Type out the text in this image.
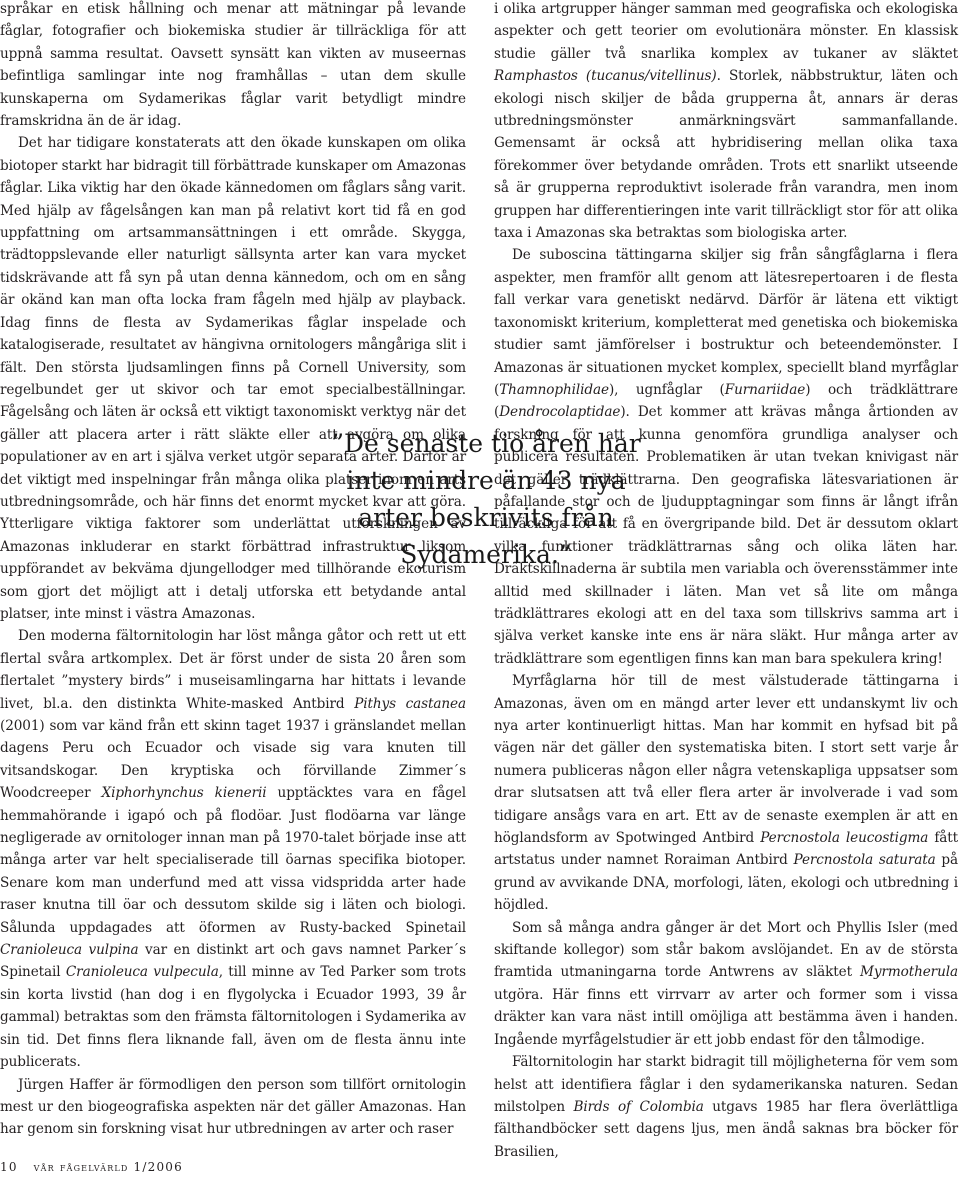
språkar en etisk hållning och menar att mätningar på levande fåglar, fotografier och biokemiska studier är tillräckliga för att uppnå samma resultat. Oavsett synsätt kan vikten av museernas befintliga samlingar inte nog framhållas – utan dem skulle kunskaperna om Sydamerikas fåglar varit betydligt mindre framskridna än de är idag.

Det har tidigare konstaterats att den ökade kunskapen om olika biotoper starkt har bidragit till förbättrade kunskaper om Amazonas fåglar. Lika viktig har den ökade kännedomen om fåglars sång varit. Med hjälp av fågelsången kan man på relativt kort tid få en god uppfattning om artsammansättningen i ett område. Skygga, trädtoppslevande eller naturligt sällsynta arter kan vara mycket tidskrävande att få syn på utan denna kännedom, och om en sång är okänd kan man ofta locka fram fågeln med hjälp av playback. Idag finns de flesta av Sydamerikas fåglar inspelade och katalogiserade, resultatet av hängivna ornitologers mångåriga slit i fält. Den största ljudsamlingen finns på Cornell University, som regelbundet ger ut skivor och tar emot specialbeställningar. Fågelsång och läten är också ett viktigt taxonomiskt verktyg när det gäller att placera arter i rätt släkte eller att avgöra om olika populationer av en art i själva verket utgör separata arter. Därför är det viktigt med inspelningar från många olika platser inom en arts utbredningsområde, och här finns det enormt mycket kvar att göra. Ytterligare viktiga faktorer som underlättat utforskningen av Amazonas inkluderar en starkt förbättrad infrastruktur liksom uppförandet av bekväma djungellodger med tillhörande ekoturism som gjort det möjligt att i detalj utforska ett betydande antal platser, inte minst i västra Amazonas.

Den moderna fältornitologin har löst många gåtor och rett ut ett flertal svåra artkomplex. Det är först under de sista 20 åren som flertalet ”mystery birds” i museisamlingarna har hittats i levande livet, bl.a. den distinkta White-masked Antbird Pithys castanea (2001) som var känd från ett skinn taget 1937 i gränslandet mellan dagens Peru och Ecuador och visade sig vara knuten till vitsandskogar. Den kryptiska och förvillande Zimmer´s Woodcreeper Xiphorhynchus kienerii upptäcktes vara en fågel hemmahörande i igapó och på flodöar. Just flodöarna var länge negligerade av ornitologer innan man på 1970-talet började inse att många arter var helt specialiserade till öarnas specifika biotoper. Senare kom man underfund med att vissa vidspridda arter hade raser knutna till öar och dessutom skilde sig i läten och biologi. Sålunda uppdagades att öformen av Rusty-backed Spinetail Cranioleuca vulpina var en distinkt art och gavs namnet Parker´s Spinetail Cranioleuca vulpecula, till minne av Ted Parker som trots sin korta livstid (han dog i en flygolycka i Ecuador 1993, 39 år gammal) betraktas som den främsta fältornitologen i Sydamerika av sin tid. Det finns flera liknande fall, även om de flesta ännu inte publicerats.

Jürgen Haffer är förmodligen den person som tillfört ornitologin mest ur den biogeografiska aspekten när det gäller Amazonas. Han har genom sin forskning visat hur utbredningen av arter och raser

i olika artgrupper hänger samman med geografiska och ekologiska aspekter och gett teorier om evolutionära mönster. En klassisk studie gäller två snarlika komplex av tukaner av släktet Ramphastos (tucanus/vitellinus). Storlek, näbbstruktur, läten och ekologi nisch skiljer de båda grupperna åt, annars är deras utbredningsmönster anmärkningsvärt sammanfallande. Gemensamt är också att hybridisering mellan olika taxa förekommer över betydande områden. Trots ett snarlikt utseende så är grupperna reproduktivt isolerade från varandra, men inom gruppen har differentieringen inte varit tillräckligt stor för att olika taxa i Amazonas ska betraktas som biologiska arter.

De suboscina tättingarna skiljer sig från sångfåglarna i flera aspekter, men framför allt genom att lätesrepertoaren i de flesta fall verkar vara genetiskt nedärvd. Därför är lätena ett viktigt taxonomiskt kriterium, kompletterat med genetiska och biokemiska studier samt jämförelser i bostruktur och beteendemönster. I Amazonas är situationen mycket komplex, speciellt bland myrfåglar (Thamnophilidae), ugnfåglar (Furnariidae) och trädklättrare (Dendrocolaptidae). Det kommer att krävas många årtionden av forskning för att kunna genomföra grundliga analyser och publicera resultaten. Problematiken är utan tvekan knivigast när det gäller trädklättrarna. Den geografiska lätesvariationen är påfallande stor och de ljudupptagningar som finns är långt ifrån tillräckliga för att få en övergripande bild. Det är dessutom oklart vilka funktioner trädklättrarnas sång och olika läten har. Dräktskillnaderna är subtila men variabla och överensstämmer inte alltid med skillnader i läten. Man vet så lite om många trädklättrares ekologi att en del taxa som tillskrivs samma art i själva verket kanske inte ens är nära släkt. Hur många arter av trädklättrare som egentligen finns kan man bara spekulera kring!

Myrfåglarna hör till de mest välstuderade tättingarna i Amazonas, även om en mängd arter lever ett undanskymt liv och nya arter kontinuerligt hittas. Man har kommit en hyfsad bit på vägen när det gäller den systematiska biten. I stort sett varje år numera publiceras någon eller några vetenskapliga uppsatser som drar slutsatsen att två eller flera arter är involverade i vad som tidigare ansågs vara en art. Ett av de senaste exemplen är att en höglandsform av Spotwinged Antbird Percnostola leucostigma fått artstatus under namnet Roraiman Antbird Percnostola saturata på grund av avvikande DNA, morfologi, läten, ekologi och utbredning i höjdled.

Som så många andra gånger är det Mort och Phyllis Isler (med skiftande kollegor) som står bakom avslöjandet. En av de största framtida utmaningarna torde Antwrens av släktet Myrmotherula utgöra. Här finns ett virrvarr av arter och former som i vissa dräkter kan vara näst intill omöjliga att bestämma även i handen. Ingående myrfågelstudier är ett jobb endast för den tålmodige.

Fältornitologin har starkt bidragit till möjligheterna för vem som helst att identifiera fåglar i den sydamerikanska naturen. Sedan milstolpen Birds of Colombia utgavs 1985 har flera överlättliga fälthandböcker sett dagens ljus, men ändå saknas bra böcker för Brasilien,

”De senaste tio åren har inte mindre än 43 nya arter beskrivits från Sydamerika.”
10 vår fågelvärld 1/2006
